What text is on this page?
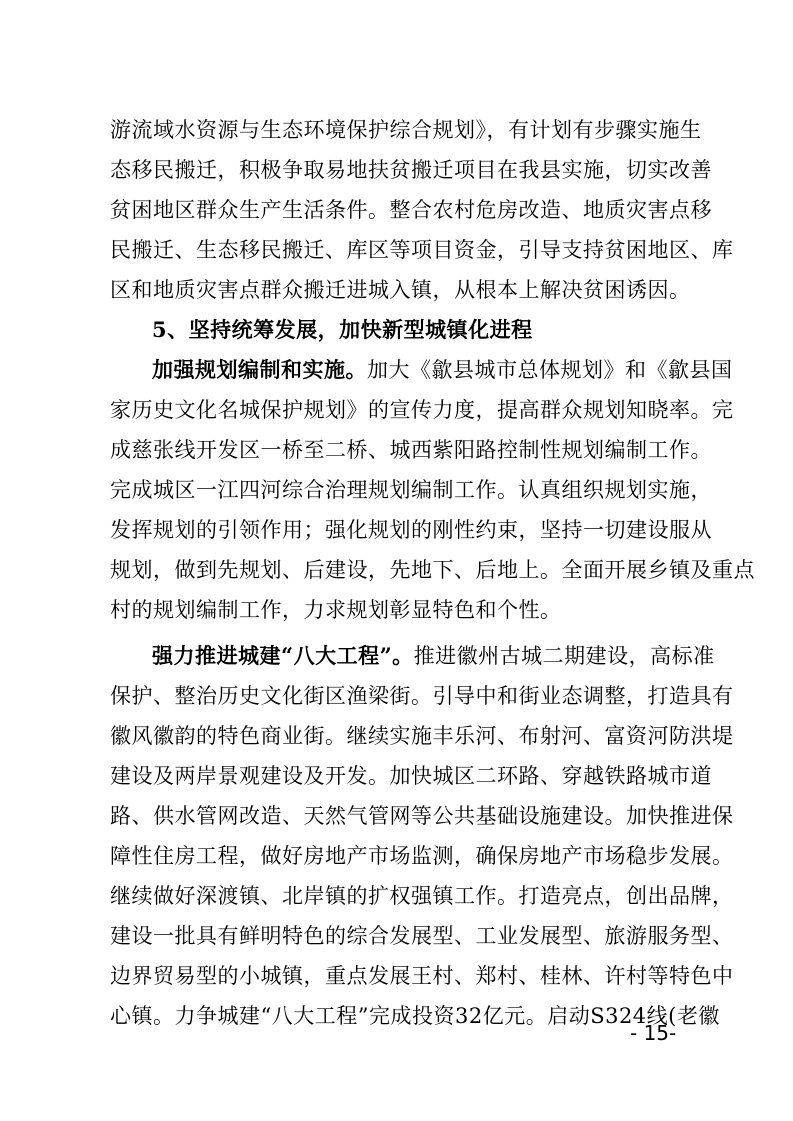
游流域水资源与生态环境保护综合规划》，有计划有步骤实施生
态移民搬迁，积极争取易地扶贫搬迁项目在我县实施，切实改善
贫困地区群众生产生活条件。整合农村危房改造、地质灾害点移
民搬迁、生态移民搬迁、库区等项目资金，引导支持贫困地区、库
区和地质灾害点群众搬迁进城入镇，从根本上解决贫困诱因。
5、坚持统筹发展，加快新型城镇化进程
加强规划编制和实施。加大《歙县城市总体规划》和《歙县国
家历史文化名城保护规划》的宣传力度，提高群众规划知晓率。完
成慈张线开发区一桥至二桥、城西紫阳路控制性规划编制工作。
完成城区一江四河综合治理规划编制工作。认真组织规划实施，
发挥规划的引领作用；强化规划的刚性约束，坚持一切建设服从
规划，做到先规划、后建设，先地下、后地上。全面开展乡镇及重点
村的规划编制工作，力求规划彰显特色和个性。
强力推进城建“八大工程”。推进徽州古城二期建设，高标准
保护、整治历史文化街区渔梁街。引导中和街业态调整，打造具有
徽风徽韵的特色商业街。继续实施丰乐河、布射河、富资河防洪堤
建设及两岸景观建设及开发。加快城区二环路、穿越铁路城市道
路、供水管网改造、天然气管网等公共基础设施建设。加快推进保
障性住房工程，做好房地产市场监测，确保房地产市场稳步发展。
继续做好深渡镇、北岸镇的扩权强镇工作。打造亮点，创出品牌，
建设一批具有鲜明特色的综合发展型、工业发展型、旅游服务型、
边界贸易型的小城镇，重点发展王村、郑村、桂林、许村等特色中
心镇。力争城建“八大工程”完成投资32亿元。启动S324线(老徽
- 15-
